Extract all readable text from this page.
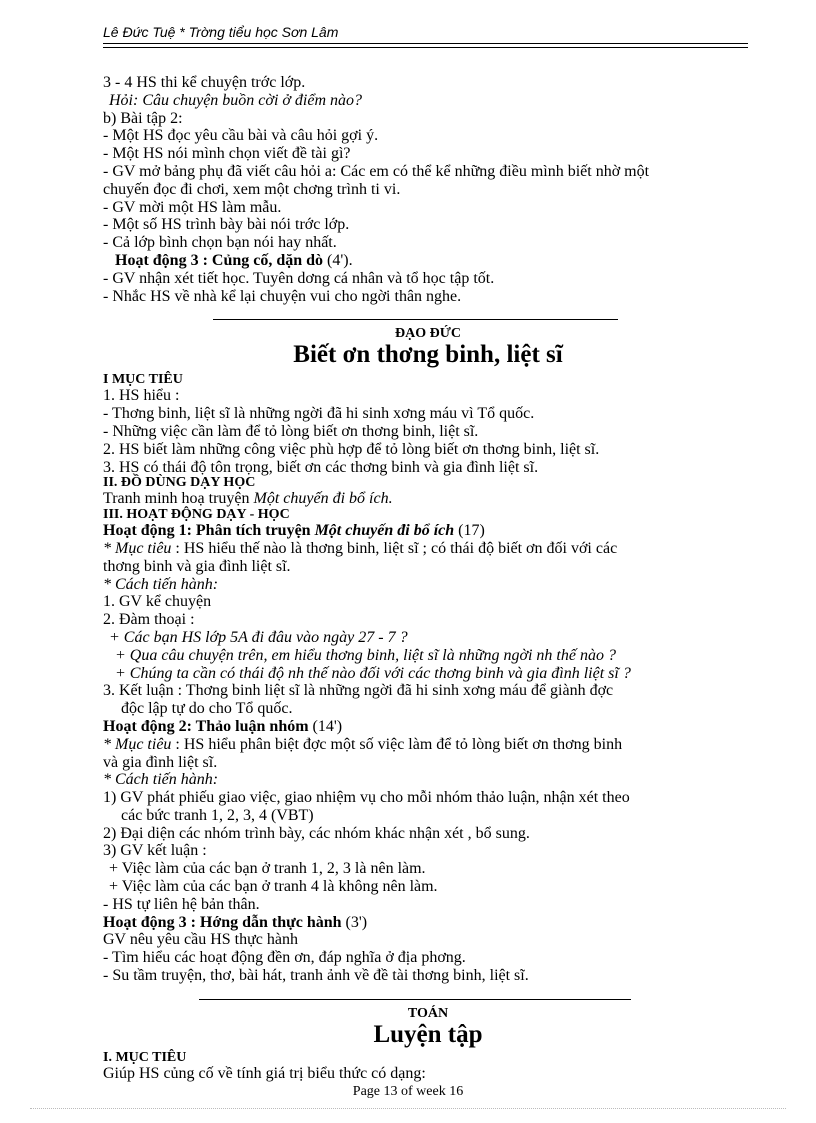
Lê Đức Tuệ * Trờng tiểu học Sơn Lâm
3 - 4 HS thi kể chuyện trớc lớp.
Hỏi: Câu chuyện buồn cời ở điểm nào?
b) Bài tập 2:
- Một HS đọc yêu cầu bài và câu hỏi gợi ý.
- Một HS nói mình chọn viết đề tài gì?
- GV mở bảng phụ đã viết câu hỏi a: Các em có thể kể những điều mình biết nhờ một
chuyến đọc đi chơi, xem một chơng trình ti vi.
- GV mời một HS làm mẫu.
- Một số HS trình bày bài nói trớc lớp.
- Cả lớp bình chọn bạn nói hay nhất.
Hoạt động 3 : Củng cố, dặn dò (4').
- GV nhận xét tiết học. Tuyên dơng cá nhân và tổ học tập tốt.
- Nhắc HS về nhà kể lại chuyện vui cho ngời thân nghe.
ĐẠO ĐỨC
Biết ơn thơng binh, liệt sĩ
I MỤC TIÊU
1. HS hiểu :
- Thơng binh, liệt sĩ là những ngời đã hi sinh xơng máu vì Tổ quốc.
- Những việc cần làm để tỏ lòng biết ơn thơng binh, liệt sĩ.
2. HS biết làm những công việc phù hợp để tỏ lòng biết ơn thơng binh, liệt sĩ.
3. HS có thái độ tôn trọng, biết ơn các thơng binh và gia đình liệt sĩ.
II. ĐỒ DÙNG DẠY HỌC
Tranh minh hoạ truyện Một chuyến đi bổ ích.
III. HOẠT ĐỘNG DẠY - HỌC
Hoạt động 1: Phân tích truyện Một chuyến đi bổ ích (17)
* Mục tiêu : HS hiểu thế nào là thơng binh, liệt sĩ ; có thái độ biết ơn đối với các
thơng binh và gia đình liệt sĩ.
* Cách tiến hành:
1. GV kể chuyện
2. Đàm thoại :
+ Các bạn HS lớp 5A đi đâu vào ngày 27 - 7 ?
+ Qua câu chuyện trên, em hiểu thơng binh, liệt sĩ là những ngời nh thế nào ?
+ Chúng ta cần có thái độ nh thế nào đối với các thơng binh và gia đình liệt sĩ ?
3. Kết luận : Thơng binh liệt sĩ là những ngời đã hi sinh xơng máu để giành đợc
độc lập tự do cho Tổ quốc.
Hoạt động 2: Thảo luận nhóm (14')
* Mục tiêu : HS hiểu phân biệt đợc một số việc làm để tỏ lòng biết ơn thơng binh
và gia đình liệt sĩ.
* Cách tiến hành:
1) GV phát phiếu giao việc, giao nhiệm vụ cho mỗi nhóm thảo luận, nhận xét theo
các bức tranh 1, 2, 3, 4 (VBT)
2) Đại diện các nhóm trình bày, các nhóm khác nhận xét , bổ sung.
3) GV kết luận :
+ Việc làm của các bạn ở tranh 1, 2, 3 là nên làm.
+ Việc làm của các bạn ở tranh 4 là không nên làm.
- HS tự liên hệ bản thân.
Hoạt động 3 : Hớng dẫn thực hành (3')
GV nêu yêu cầu HS thực hành
- Tìm hiểu các hoạt động đền ơn, đáp nghĩa ở địa phơng.
- Su tầm truyện, thơ, bài hát, tranh ảnh về đề tài thơng binh, liệt sĩ.
TOÁN
Luyện tập
I. MỤC TIÊU
Giúp HS củng cố về tính giá trị biểu thức có dạng:
Page 13 of week 16
